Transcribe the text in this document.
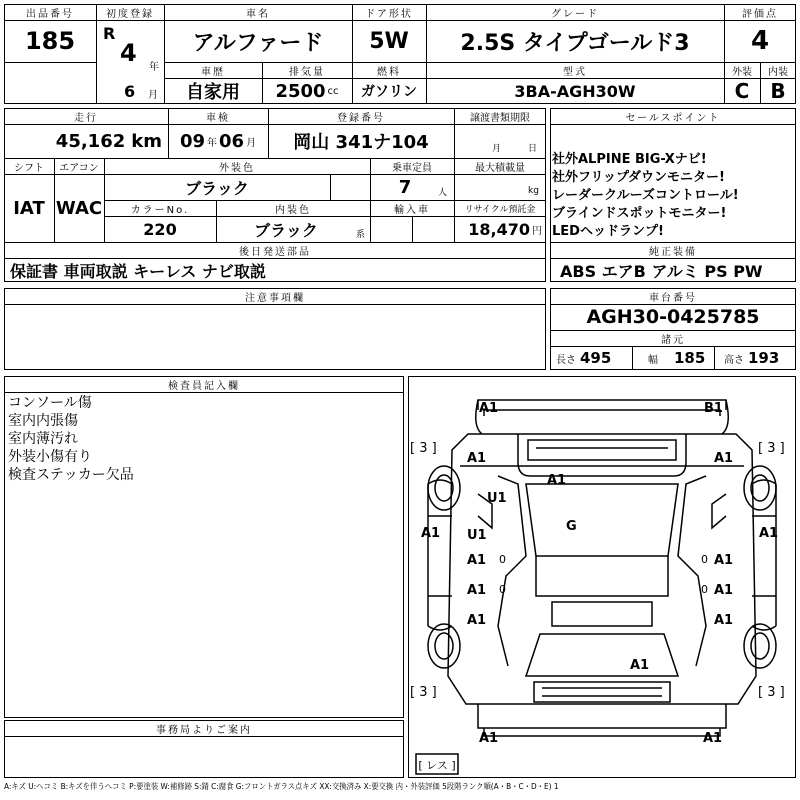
出品番号
185
初度登録
R
4 年
6 月
車名
アルファード
ドア形状
5W
グレード
2.5S タイプゴールド3
評価点
4
車歴
自家用
排気量
2500 cc
燃料
ガソリン
型式
3BA-AGH30W
外装	内装
C	B
走行
45,162 km
車検
09 年 06 月
登録番号
岡山 341ナ104
譲渡書類期限
月	日
シフト
IAT
エアコン
WAC
外装色
ブラック
乗車定員
7	人
最大積載量
kg
カラーNo.
220
内装色
ブラック	系
輸入車	リサイクル預託金
18,470 円
後日発送部品
保証書 車両取説 キーレス ナビ取説
セールスポイント
社外ALPINE BIG-Xナビ!
社外フリップダウンモニター!
レーダークルーズコントロール!
ブラインドスポットモニター!
LEDヘッドランプ!
純正装備
ABS エアB アルミ PS PW
注意事項欄	車台番号
AGH30-0425785
諸元
長さ 495	幅 185 高さ 193
検査員記入欄
コンソール傷
室内内張傷
室内薄汚れ
外装小傷有り
検査ステッカー欠品
事務局よりご案内
A1	B1
[ 3 ]	[ 3 ]
A1	A1
A1
U1
G
A1	A1
U1
A1 0	0 A1
A1 0	0 A1
A1	A1
A1
[ 3 ]	[ 3 ]
A1	A1
[ レス ]
A:キズ U:ヘコミ B:キズを伴うヘコミ P:要塗装 W:補修跡 S:錆 C:腐食 G:フロントガラス点キズ XX:交換済み X:要交換 内・外装評価 5段階ランク順(A・B・C・D・E) 1
